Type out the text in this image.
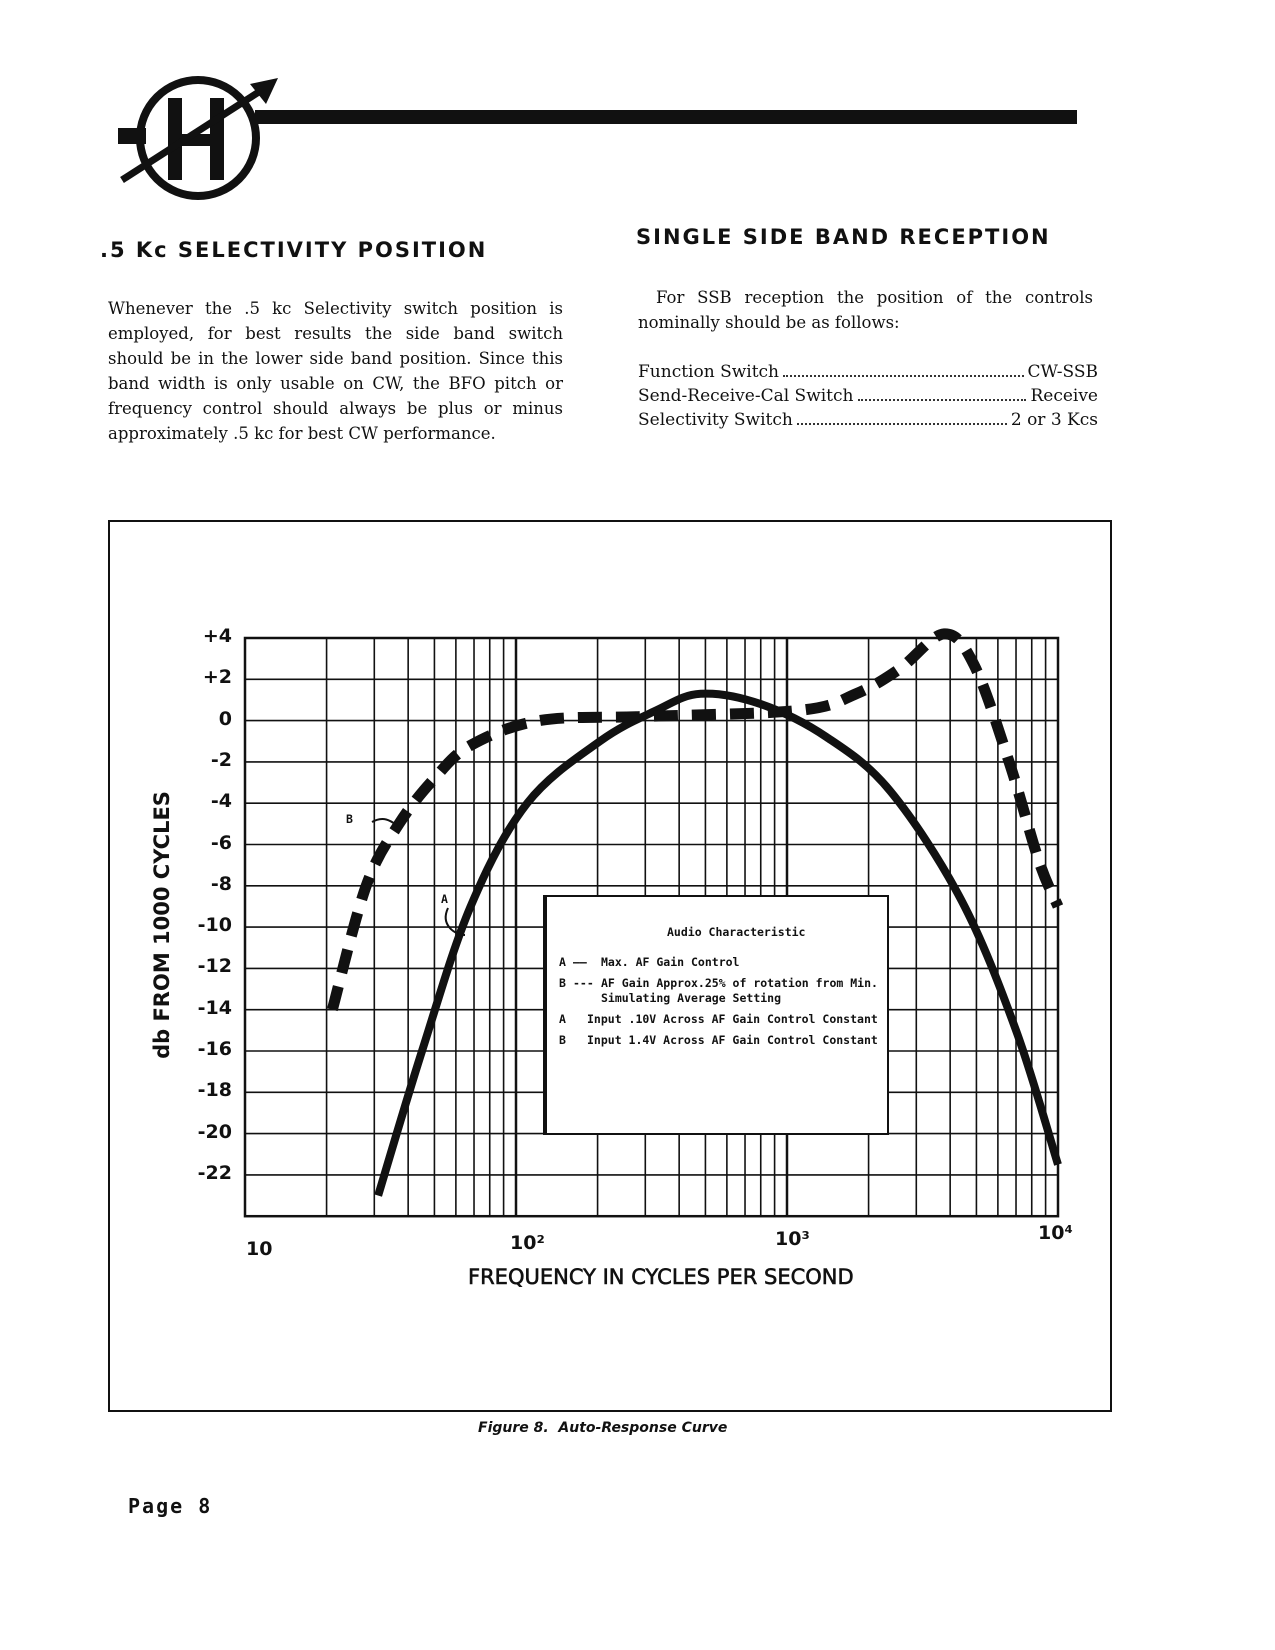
.5 Kc SELECTIVITY POSITION
Whenever the .5 kc Selectivity switch position is employed, for best results the side band switch should be in the lower side band position. Since this band width is only usable on CW, the BFO pitch or frequency control should always be plus or minus approximately .5 kc for best CW performance.
SINGLE SIDE BAND RECEPTION
For SSB reception the position of the controls nominally should be as follows:
Function Switch	CW-SSB
Send-Receive-Cal Switch	Receive
Selectivity Switch	2 or 3 Kcs
+4
+2
0
-2
-4
-6
-8
-10
-12
-14
-16
-18
-20
-22
db FROM 1000 CYCLES
10	10²	10³	10⁴
FREQUENCY IN CYCLES PER SECOND
B
A
Audio Characteristic
A ——	Max. AF Gain Control
B --- AF Gain Approx.25% of rotation from Min. Simulating Average Setting
A	Input .10V Across AF Gain Control Constant
B	Input 1.4V Across AF Gain Control Constant
Figure 8.  Auto-Response Curve
Page 8
